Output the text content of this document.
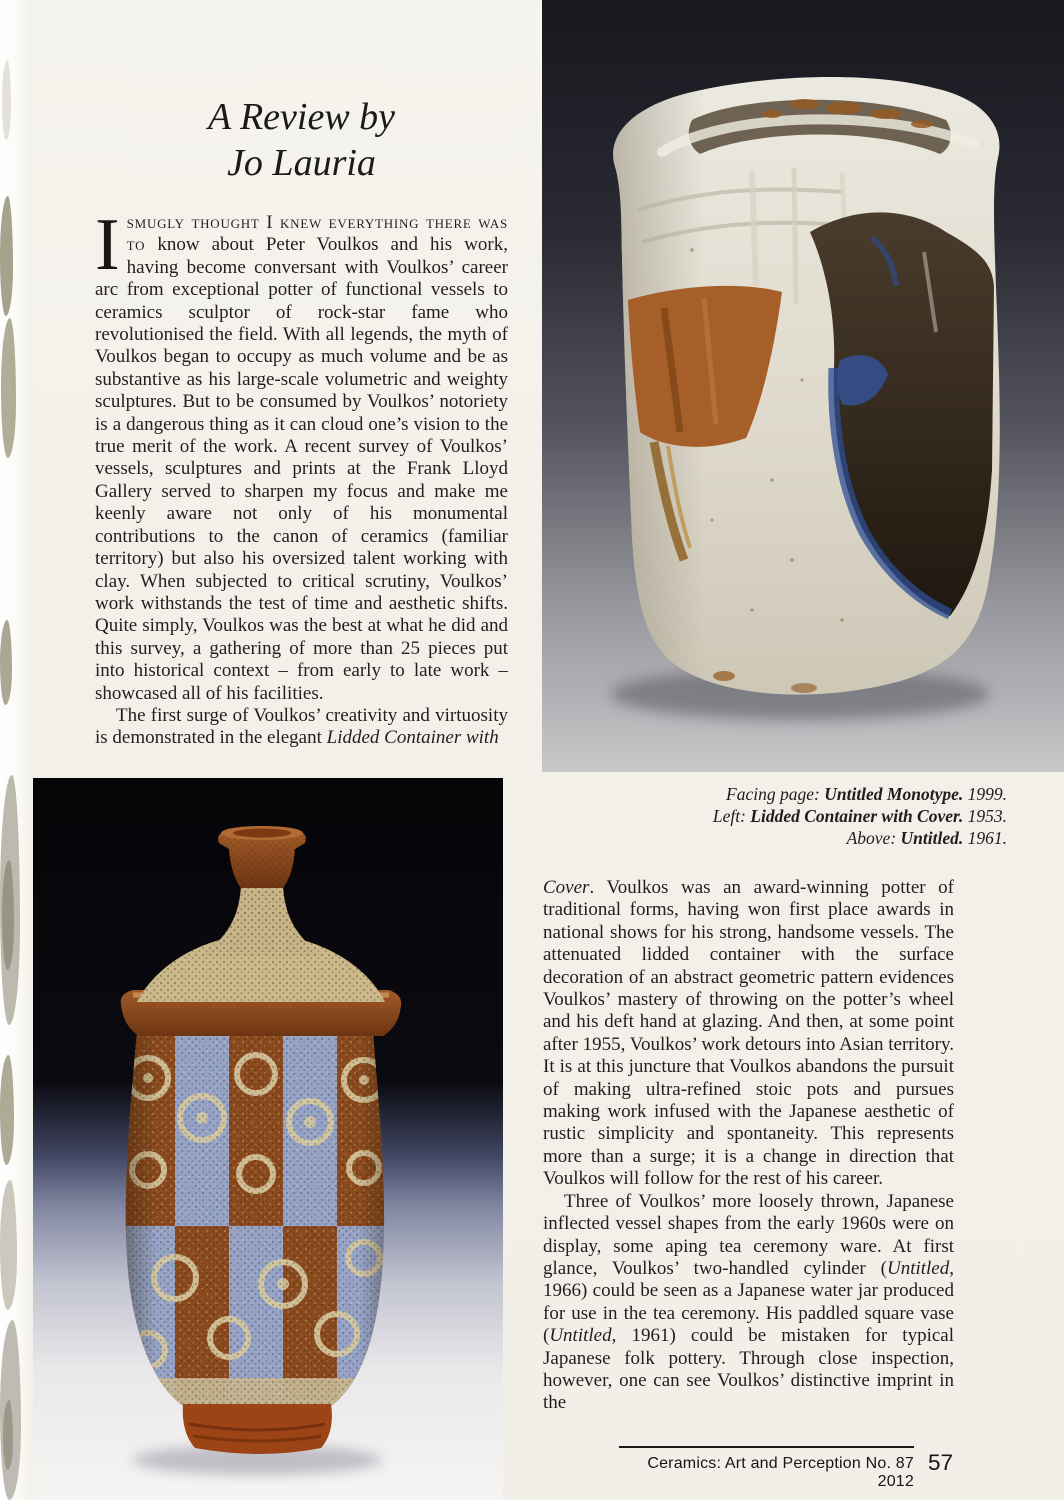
A Review by
Jo Lauria

Ismugly thought I knew everything there was to know about Peter Voulkos and his work, having become conversant with Voulkos’ career arc from exceptional potter of functional vessels to ceramics sculptor of rock-star fame who revolutionised the field. With all legends, the myth of Voulkos began to occupy as much volume and be as substantive as his large-scale volumetric and weighty sculptures. But to be consumed by Voulkos’ notoriety is a dangerous thing as it can cloud one’s vision to the true merit of the work. A recent survey of Voulkos’ vessels, sculptures and prints at the Frank Lloyd Gallery served to sharpen my focus and make me keenly aware not only of his monumental contributions to the canon of ceramics (familiar territory) but also his oversized talent working with clay. When subjected to critical scrutiny, Voulkos’ work withstands the test of time and aesthetic shifts. Quite simply, Voulkos was the best at what he did and this survey, a gathering of more than 25 pieces put into historical context – from early to late work – showcased all of his facilities.

The first surge of Voulkos’ creativity and virtuosity is demonstrated in the elegant Lidded Container with

Facing page: Untitled Monotype. 1999.
Left: Lidded Container with Cover. 1953.
Above: Untitled. 1961.

Cover. Voulkos was an award-winning potter of traditional forms, having won first place awards in national shows for his strong, handsome vessels. The attenuated lidded container with the surface decoration of an abstract geometric pattern evidences Voulkos’ mastery of throwing on the potter’s wheel and his deft hand at glazing. And then, at some point after 1955, Voulkos’ work detours into Asian territory. It is at this juncture that Voulkos abandons the pursuit of making ultra-refined stoic pots and pursues making work infused with the Japanese aesthetic of rustic simplicity and spontaneity. This represents more than a surge; it is a change in direction that Voulkos will follow for the rest of his career.

Three of Voulkos’ more loosely thrown, Japanese inflected vessel shapes from the early 1960s were on display, some aping tea ceremony ware. At first glance, Voulkos’ two-handled cylinder (Untitled, 1966) could be seen as a Japanese water jar produced for use in the tea ceremony. His paddled square vase (Untitled, 1961) could be mistaken for typical Japanese folk pottery. Through close inspection, however, one can see Voulkos’ distinctive imprint in the

Ceramics: Art and Perception No. 87 2012
57
